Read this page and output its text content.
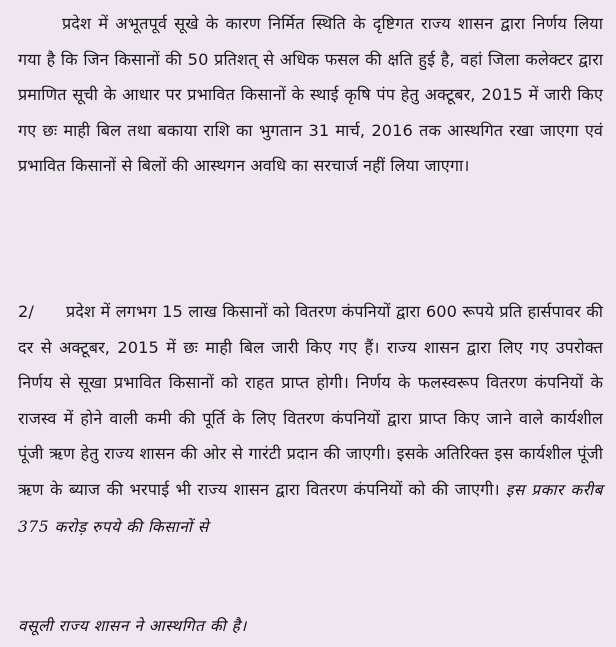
प्रदेश में अभूतपूर्व सूखे के कारण निर्मित स्थिति के दृष्टिगत राज्य शासन द्वारा निर्णय लिया गया है कि जिन किसानों की 50 प्रतिशत् से अधिक फसल की क्षति हुई है, वहां जिला कलेक्टर द्वारा प्रमाणित सूची के आधार पर प्रभावित किसानों के स्थाई कृषि पंप हेतु अक्टूबर, 2015 में जारी किए गए छः माही बिल तथा बकाया राशि का भुगतान 31 मार्च, 2016 तक आस्थगित रखा जाएगा एवं प्रभावित किसानों से बिलों की आस्थगन अवधि का सरचार्ज नहीं लिया जाएगा।

2/ प्रदेश में लगभग 15 लाख किसानों को वितरण कंपनियों द्वारा 600 रूपये प्रति हार्सपावर की दर से अक्टूबर, 2015 में छः माही बिल जारी किए गए हैं। राज्य शासन द्वारा लिए गए उपरोक्त निर्णय से सूखा प्रभावित किसानों को राहत प्राप्त होगी। निर्णय के फलस्वरूप वितरण कंपनियों के राजस्व में होने वाली कमी की पूर्ति के लिए वितरण कंपनियों द्वारा प्राप्त किए जाने वाले कार्यशील पूंजी ऋण हेतु राज्य शासन की ओर से गारंटी प्रदान की जाएगी। इसके अतिरिक्त इस कार्यशील पूंजी ऋण के ब्याज की भरपाई भी राज्य शासन द्वारा वितरण कंपनियों को की जाएगी। इस प्रकार करीब 375 करोड़ रुपये की किसानों से

वसूली राज्य शासन ने आस्थगित की है।
